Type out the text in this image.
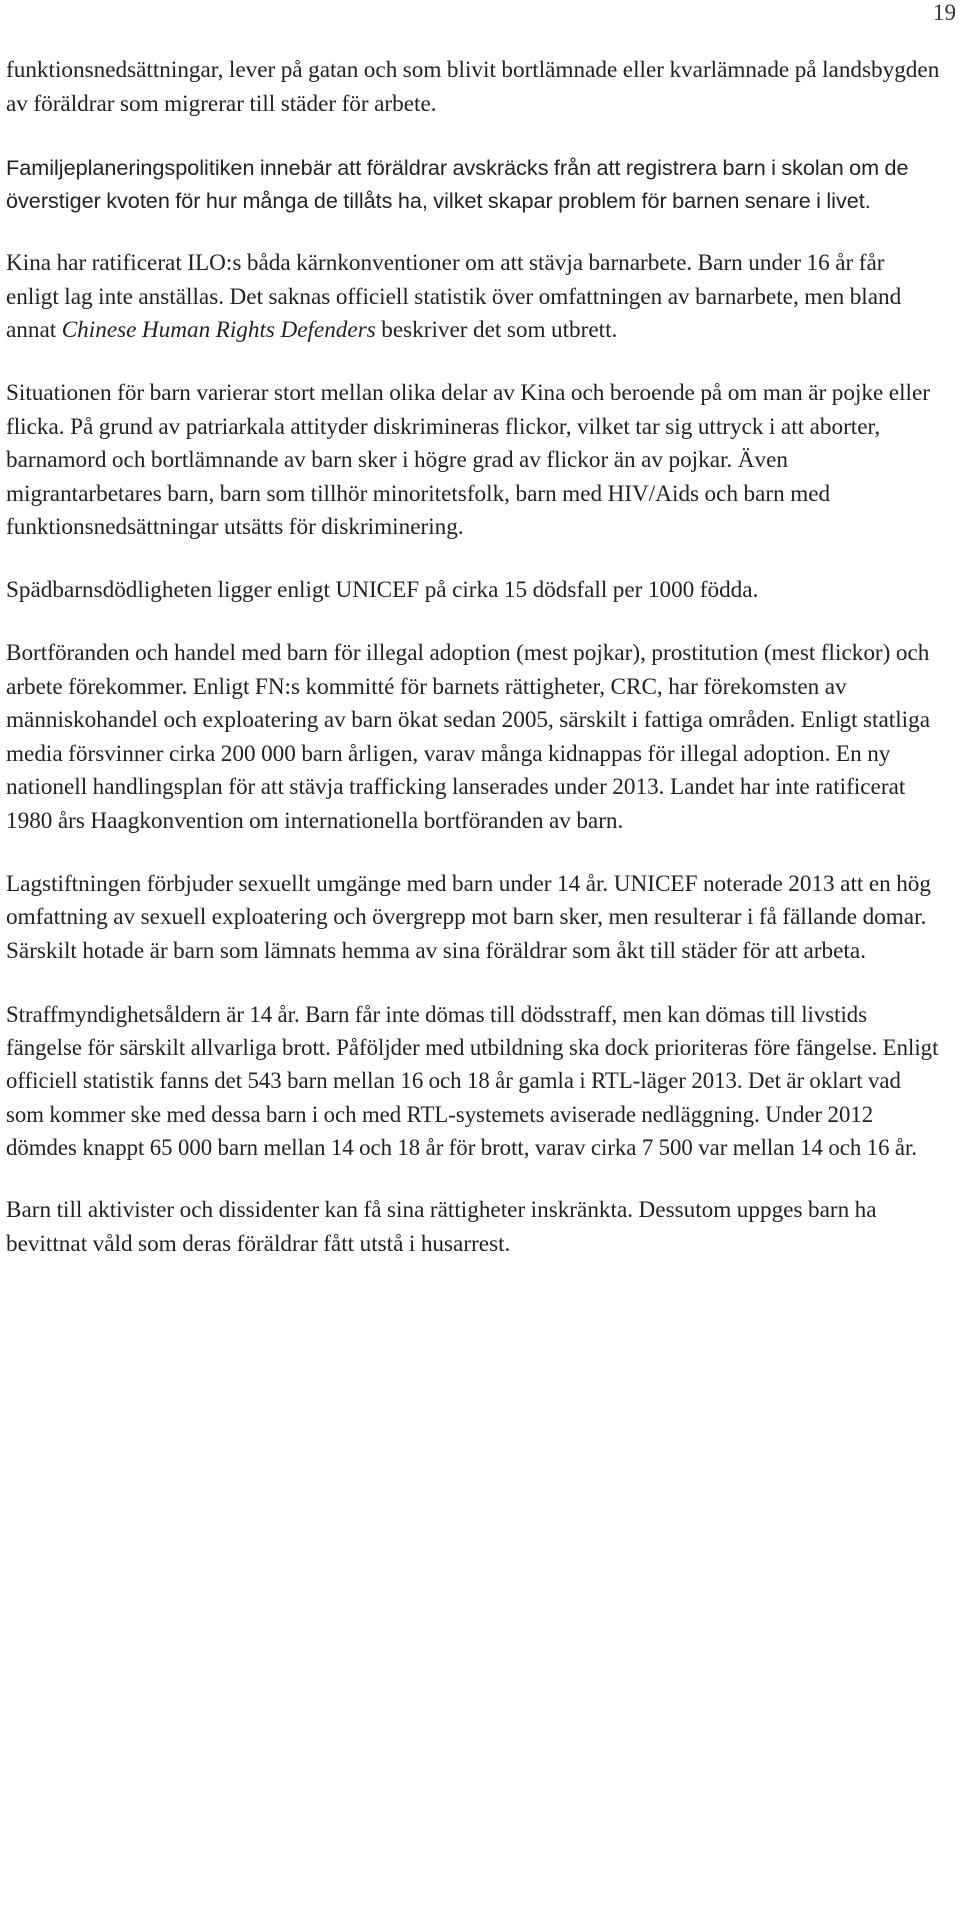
19

funktionsnedsättningar, lever på gatan och som blivit bortlämnade eller kvarlämnade på landsbygden av föräldrar som migrerar till städer för arbete.

Familjeplaneringspolitiken innebär att föräldrar avskräcks från att registrera barn i skolan om de överstiger kvoten för hur många de tillåts ha, vilket skapar problem för barnen senare i livet.

Kina har ratificerat ILO:s båda kärnkonventioner om att stävja barnarbete. Barn under 16 år får enligt lag inte anställas. Det saknas officiell statistik över omfattningen av barnarbete, men bland annat Chinese Human Rights Defenders beskriver det som utbrett.

Situationen för barn varierar stort mellan olika delar av Kina och beroende på om man är pojke eller flicka. På grund av patriarkala attityder diskrimineras flickor, vilket tar sig uttryck i att aborter, barnamord och bortlämnande av barn sker i högre grad av flickor än av pojkar. Även migrantarbetares barn, barn som tillhör minoritetsfolk, barn med HIV/Aids och barn med funktionsnedsättningar utsätts för diskriminering.

Spädbarnsdödligheten ligger enligt UNICEF på cirka 15 dödsfall per 1000 födda.

Bortföranden och handel med barn för illegal adoption (mest pojkar), prostitution (mest flickor) och arbete förekommer. Enligt FN:s kommitté för barnets rättigheter, CRC, har förekomsten av människohandel och exploatering av barn ökat sedan 2005, särskilt i fattiga områden. Enligt statliga media försvinner cirka 200 000 barn årligen, varav många kidnappas för illegal adoption. En ny nationell handlingsplan för att stävja trafficking lanserades under 2013. Landet har inte ratificerat 1980 års Haagkonvention om internationella bortföranden av barn.

Lagstiftningen förbjuder sexuellt umgänge med barn under 14 år. UNICEF noterade 2013 att en hög omfattning av sexuell exploatering och övergrepp mot barn sker, men resulterar i få fällande domar. Särskilt hotade är barn som lämnats hemma av sina föräldrar som åkt till städer för att arbeta.

Straffmyndighetsåldern är 14 år. Barn får inte dömas till dödsstraff, men kan dömas till livstids fängelse för särskilt allvarliga brott. Påföljder med utbildning ska dock prioriteras före fängelse. Enligt officiell statistik fanns det 543 barn mellan 16 och 18 år gamla i RTL-läger 2013. Det är oklart vad som kommer ske med dessa barn i och med RTL-systemets aviserade nedläggning. Under 2012 dömdes knappt 65 000 barn mellan 14 och 18 år för brott, varav cirka 7 500 var mellan 14 och 16 år.

Barn till aktivister och dissidenter kan få sina rättigheter inskränkta. Dessutom uppges barn ha bevittnat våld som deras föräldrar fått utstå i husarrest.
